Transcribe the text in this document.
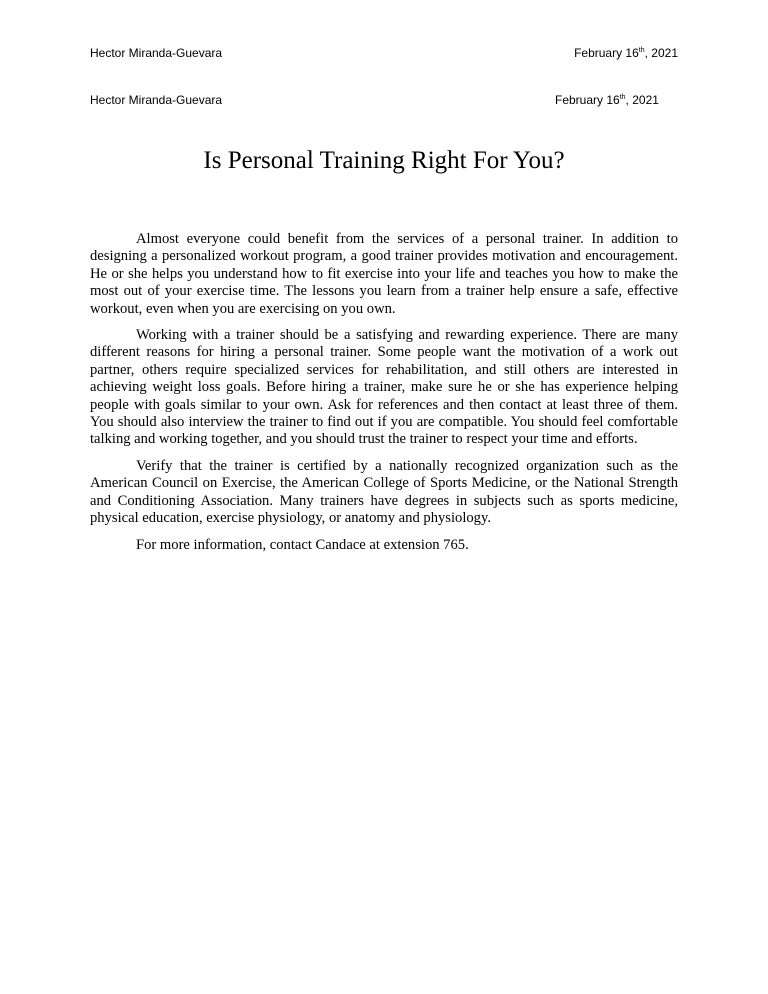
Hector Miranda-Guevara	February 16th, 2021
Hector Miranda-Guevara	February 16th, 2021
Is Personal Training Right For You?

Almost everyone could benefit from the services of a personal trainer. In addition to designing a personalized workout program, a good trainer provides motivation and encouragement. He or she helps you understand how to fit exercise into your life and teaches you how to make the most out of your exercise time. The lessons you learn from a trainer help ensure a safe, effective workout, even when you are exercising on you own.

Working with a trainer should be a satisfying and rewarding experience. There are many different reasons for hiring a personal trainer. Some people want the motivation of a work out partner, others require specialized services for rehabilitation, and still others are interested in achieving weight loss goals. Before hiring a trainer, make sure he or she has experience helping people with goals similar to your own. Ask for references and then contact at least three of them. You should also interview the trainer to find out if you are compatible. You should feel comfortable talking and working together, and you should trust the trainer to respect your time and efforts.

Verify that the trainer is certified by a nationally recognized organization such as the American Council on Exercise, the American College of Sports Medicine, or the National Strength and Conditioning Association. Many trainers have degrees in subjects such as sports medicine, physical education, exercise physiology, or anatomy and physiology.

For more information, contact Candace at extension 765.
